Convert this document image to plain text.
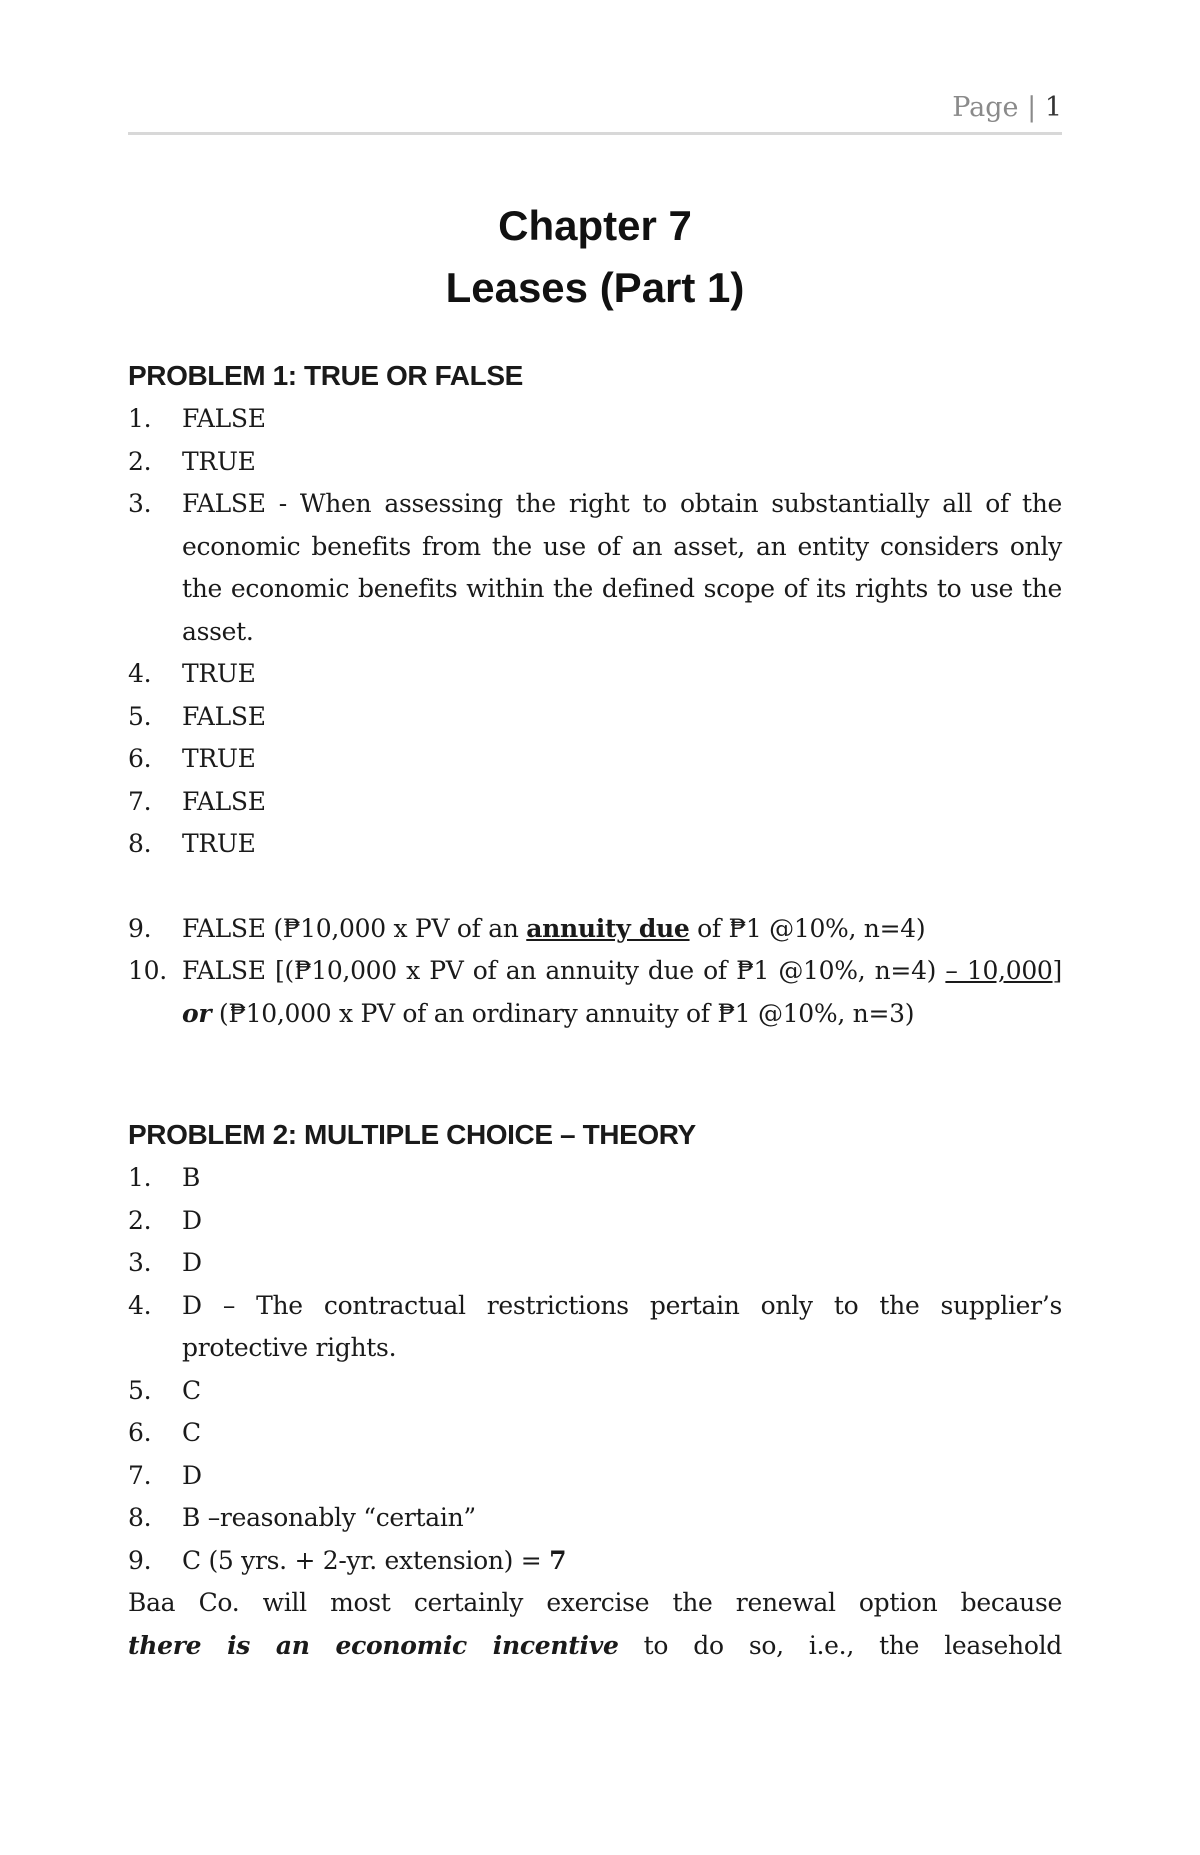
Page | 1
Chapter 7
Leases (Part 1)
PROBLEM 1: TRUE OR FALSE
1.	FALSE
2.	TRUE
3.	FALSE - When assessing the right to obtain substantially all of the economic benefits from the use of an asset, an entity considers only the economic benefits within the defined scope of its rights to use the asset.
4.	TRUE
5.	FALSE
6.	TRUE
7.	FALSE
8.	TRUE
9.	FALSE (₱10,000 x PV of an annuity due of ₱1 @10%, n=4)
10. FALSE [(₱10,000 x PV of an annuity due of ₱1 @10%, n=4) – 10,000] or (₱10,000 x PV of an ordinary annuity of ₱1 @10%, n=3)
PROBLEM 2: MULTIPLE CHOICE – THEORY
1.	B
2.	D
3.	D
4.	D – The contractual restrictions pertain only to the supplier’s protective rights.
5.	C
6.	C
7.	D
8.	B –reasonably “certain”
9.	C (5 yrs. + 2-yr. extension) = 7
Baa Co. will most certainly exercise the renewal option because
there is an economic incentive to do so, i.e., the leasehold
